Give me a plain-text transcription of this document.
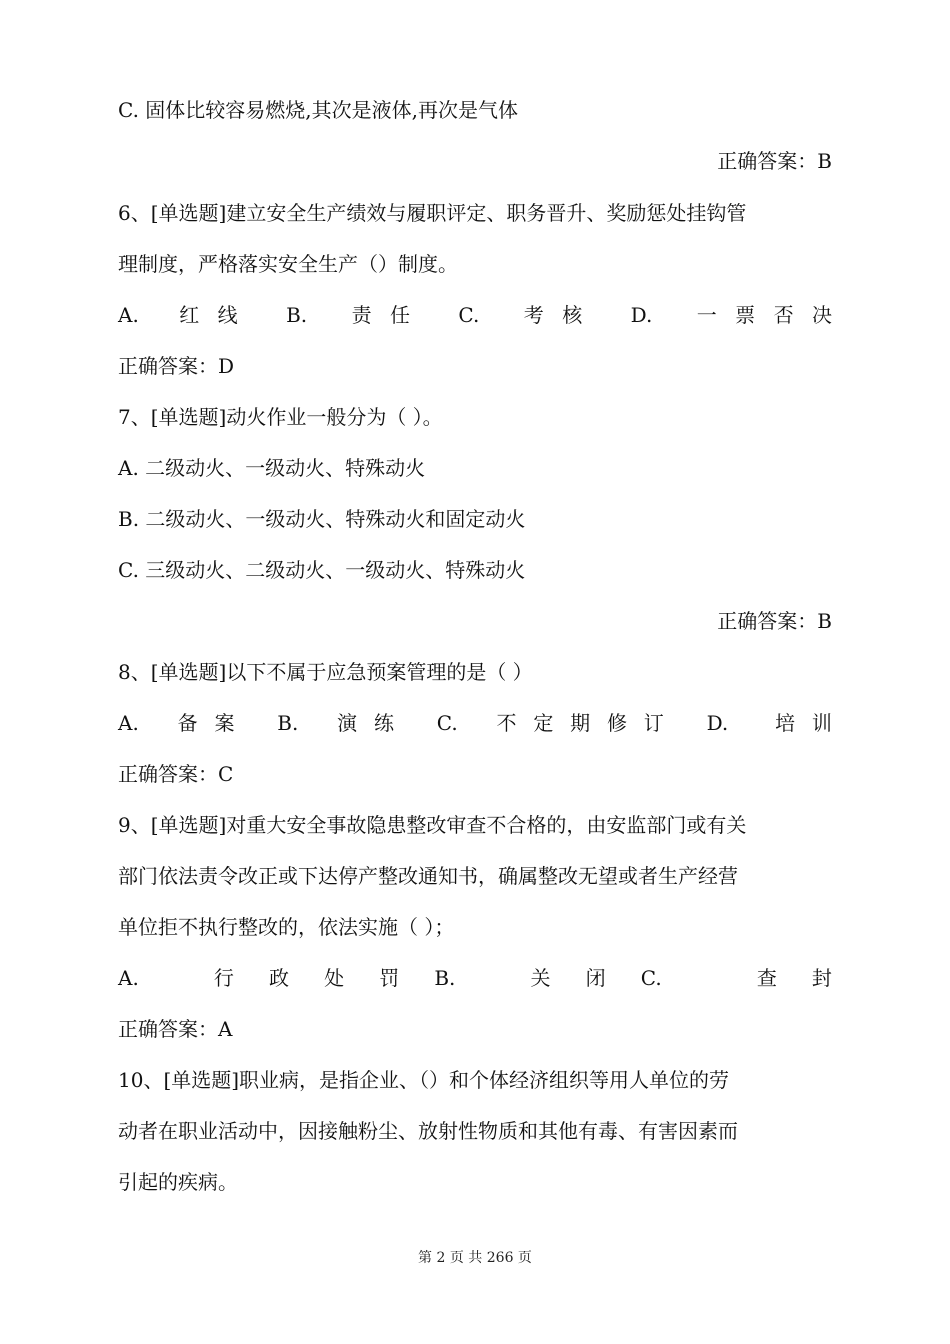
C. 固体比较容易燃烧,其次是液体,再次是气体
正确答案：B
6、[单选题]建立安全生产绩效与履职评定、职务晋升、奖励惩处挂钩管
理制度，严格落实安全生产（）制度。
A. 红 线 B. 责 任 C. 考 核 D. 一 票 否 决
正确答案：D
7、[单选题]动火作业一般分为（ ）。
A. 二级动火、一级动火、特殊动火
B. 二级动火、一级动火、特殊动火和固定动火
C. 三级动火、二级动火、一级动火、特殊动火
正确答案：B
8、[单选题]以下不属于应急预案管理的是（ ）
A. 备 案 B. 演 练 C. 不 定 期 修 订 D. 培 训
正确答案：C
9、[单选题]对重大安全事故隐患整改审查不合格的，由安监部门或有关
部门依法责令改正或下达停产整改通知书，确属整改无望或者生产经营
单位拒不执行整改的，依法实施（ ）；
A.	行 政 处 罚 B.	关 闭 C.	查 封
正确答案：A
10、[单选题]职业病，是指企业、（）和个体经济组织等用人单位的劳
动者在职业活动中，因接触粉尘、放射性物质和其他有毒、有害因素而
引起的疾病。
第 2 页 共 266 页
